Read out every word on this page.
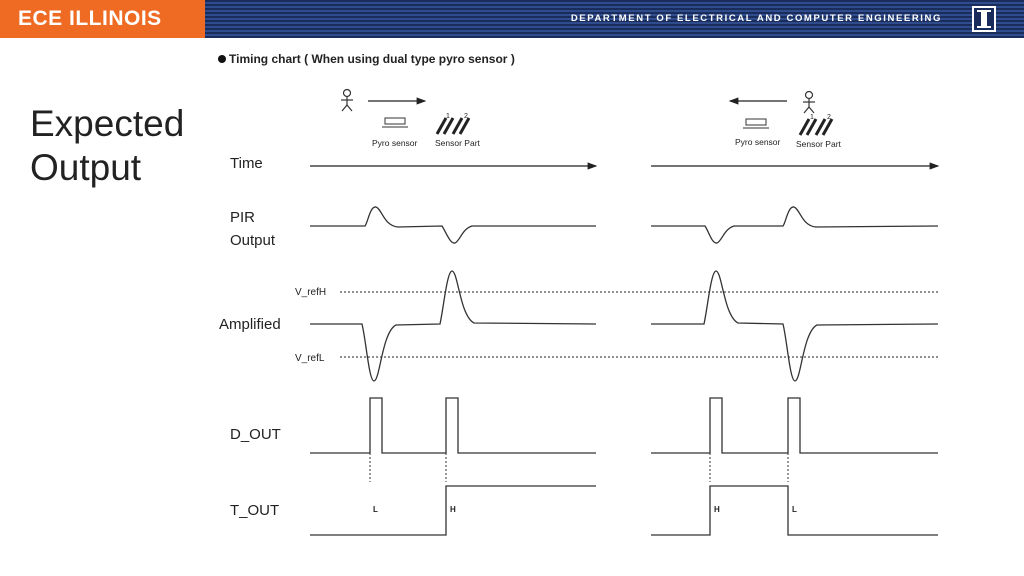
ECE ILLINOIS	DEPARTMENT OF ELECTRICAL AND COMPUTER ENGINEERING
Expected
Output
Timing chart ( When using dual type pyro sensor )
Pyro sensor
1 2
Sensor Part	Pyro sensor
1 2
Sensor Part
Time
PIR
Output
V_refH
Amplified
V_refL
D_OUT
T_OUT	L	H	H	L
